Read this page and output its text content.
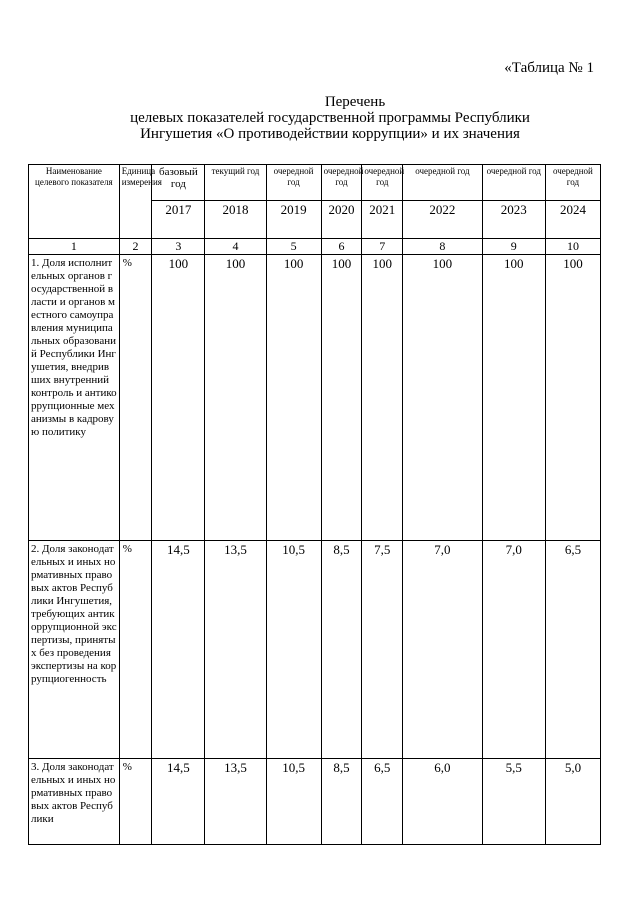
«Таблица № 1
Перечень
целевых показателей государственной программы Республики
Ингушетия «О противодействии коррупции» и их значения
Наименование целевого показателя	Единица измерения	базовый год	текущий год	очередной год	очередной год	очередной год	очередной год	очередной год	очередной год
		2017	2018	2019	2020	2021	2022	2023	2024
1	2	3	4	5	6	7	8	9	10
1. Доля исполнительных органов государственной власти и органов местного самоуправления муниципальных образований Республики Ингушетия, внедривших внутренний контроль и антикоррупционные механизмы в кадровую политику	%	100	100	100	100	100	100	100	100
2. Доля законодательных и иных нормативных правовых актов Республики Ингушетия, требующих антикоррупционной экспертизы, принятых без проведения экспертизы на коррупциогенность	%	14,5	13,5	10,5	8,5	7,5	7,0	7,0	6,5
3. Доля законодательных и иных нормативных правовых актов Республики	%	14,5	13,5	10,5	8,5	6,5	6,0	5,5	5,0
